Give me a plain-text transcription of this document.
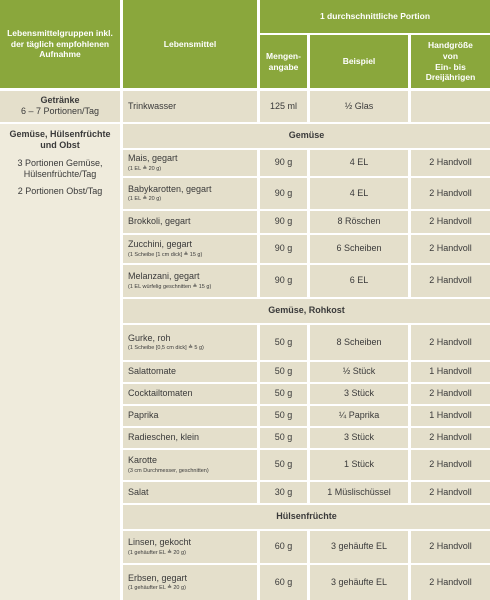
Lebensmittelgruppen inkl. der täglich empfohlenen Aufnahme
Lebensmittel
1 durchschnittliche Portion
Mengen-
angabe
Beispiel
Handgröße
von
Ein- bis
Dreijährigen
Getränke
6 – 7 Portionen/Tag
Gemüse, Hülsenfrüchte und Obst
3 Portionen Gemüse, Hülsenfrüchte/Tag
2 Portionen Obst/Tag
Gemüse
Gemüse, Rohkost
Hülsenfrüchte
Trinkwasser	125 ml	½ Glas
Mais, gegart
(1 EL ≙ 20 g)
90 g	4 EL	2 Handvoll
Babykarotten, gegart
(1 EL ≙ 20 g)
90 g	4 EL	2 Handvoll
Brokkoli, gegart	90 g	8 Röschen	2 Handvoll
Zucchini, gegart
(1 Scheibe [1 cm dick] ≙ 15 g)
90 g	6 Scheiben	2 Handvoll
Melanzani, gegart
(1 EL würfelig geschnitten ≙ 15 g)
90 g	6 EL	2 Handvoll
Gurke, roh
(1 Scheibe [0,5 cm dick] ≙ 5 g)
50 g	8 Scheiben	2 Handvoll
Salattomate	50 g	½ Stück	1 Handvoll
Cocktailtomaten	50 g	3 Stück	2 Handvoll
Paprika	50 g	¼ Paprika	1 Handvoll
Radieschen, klein	50 g	3 Stück	2 Handvoll
Karotte
(3 cm Durchmesser, geschnitten)
50 g	1 Stück	2 Handvoll
Salat	30 g	1 Müslischüssel	2 Handvoll
Linsen, gekocht
(1 gehäufter EL ≙ 20 g)
60 g	3 gehäufte EL	2 Handvoll
Erbsen, gegart
(1 gehäufter EL ≙ 20 g)
60 g	3 gehäufte EL	2 Handvoll
